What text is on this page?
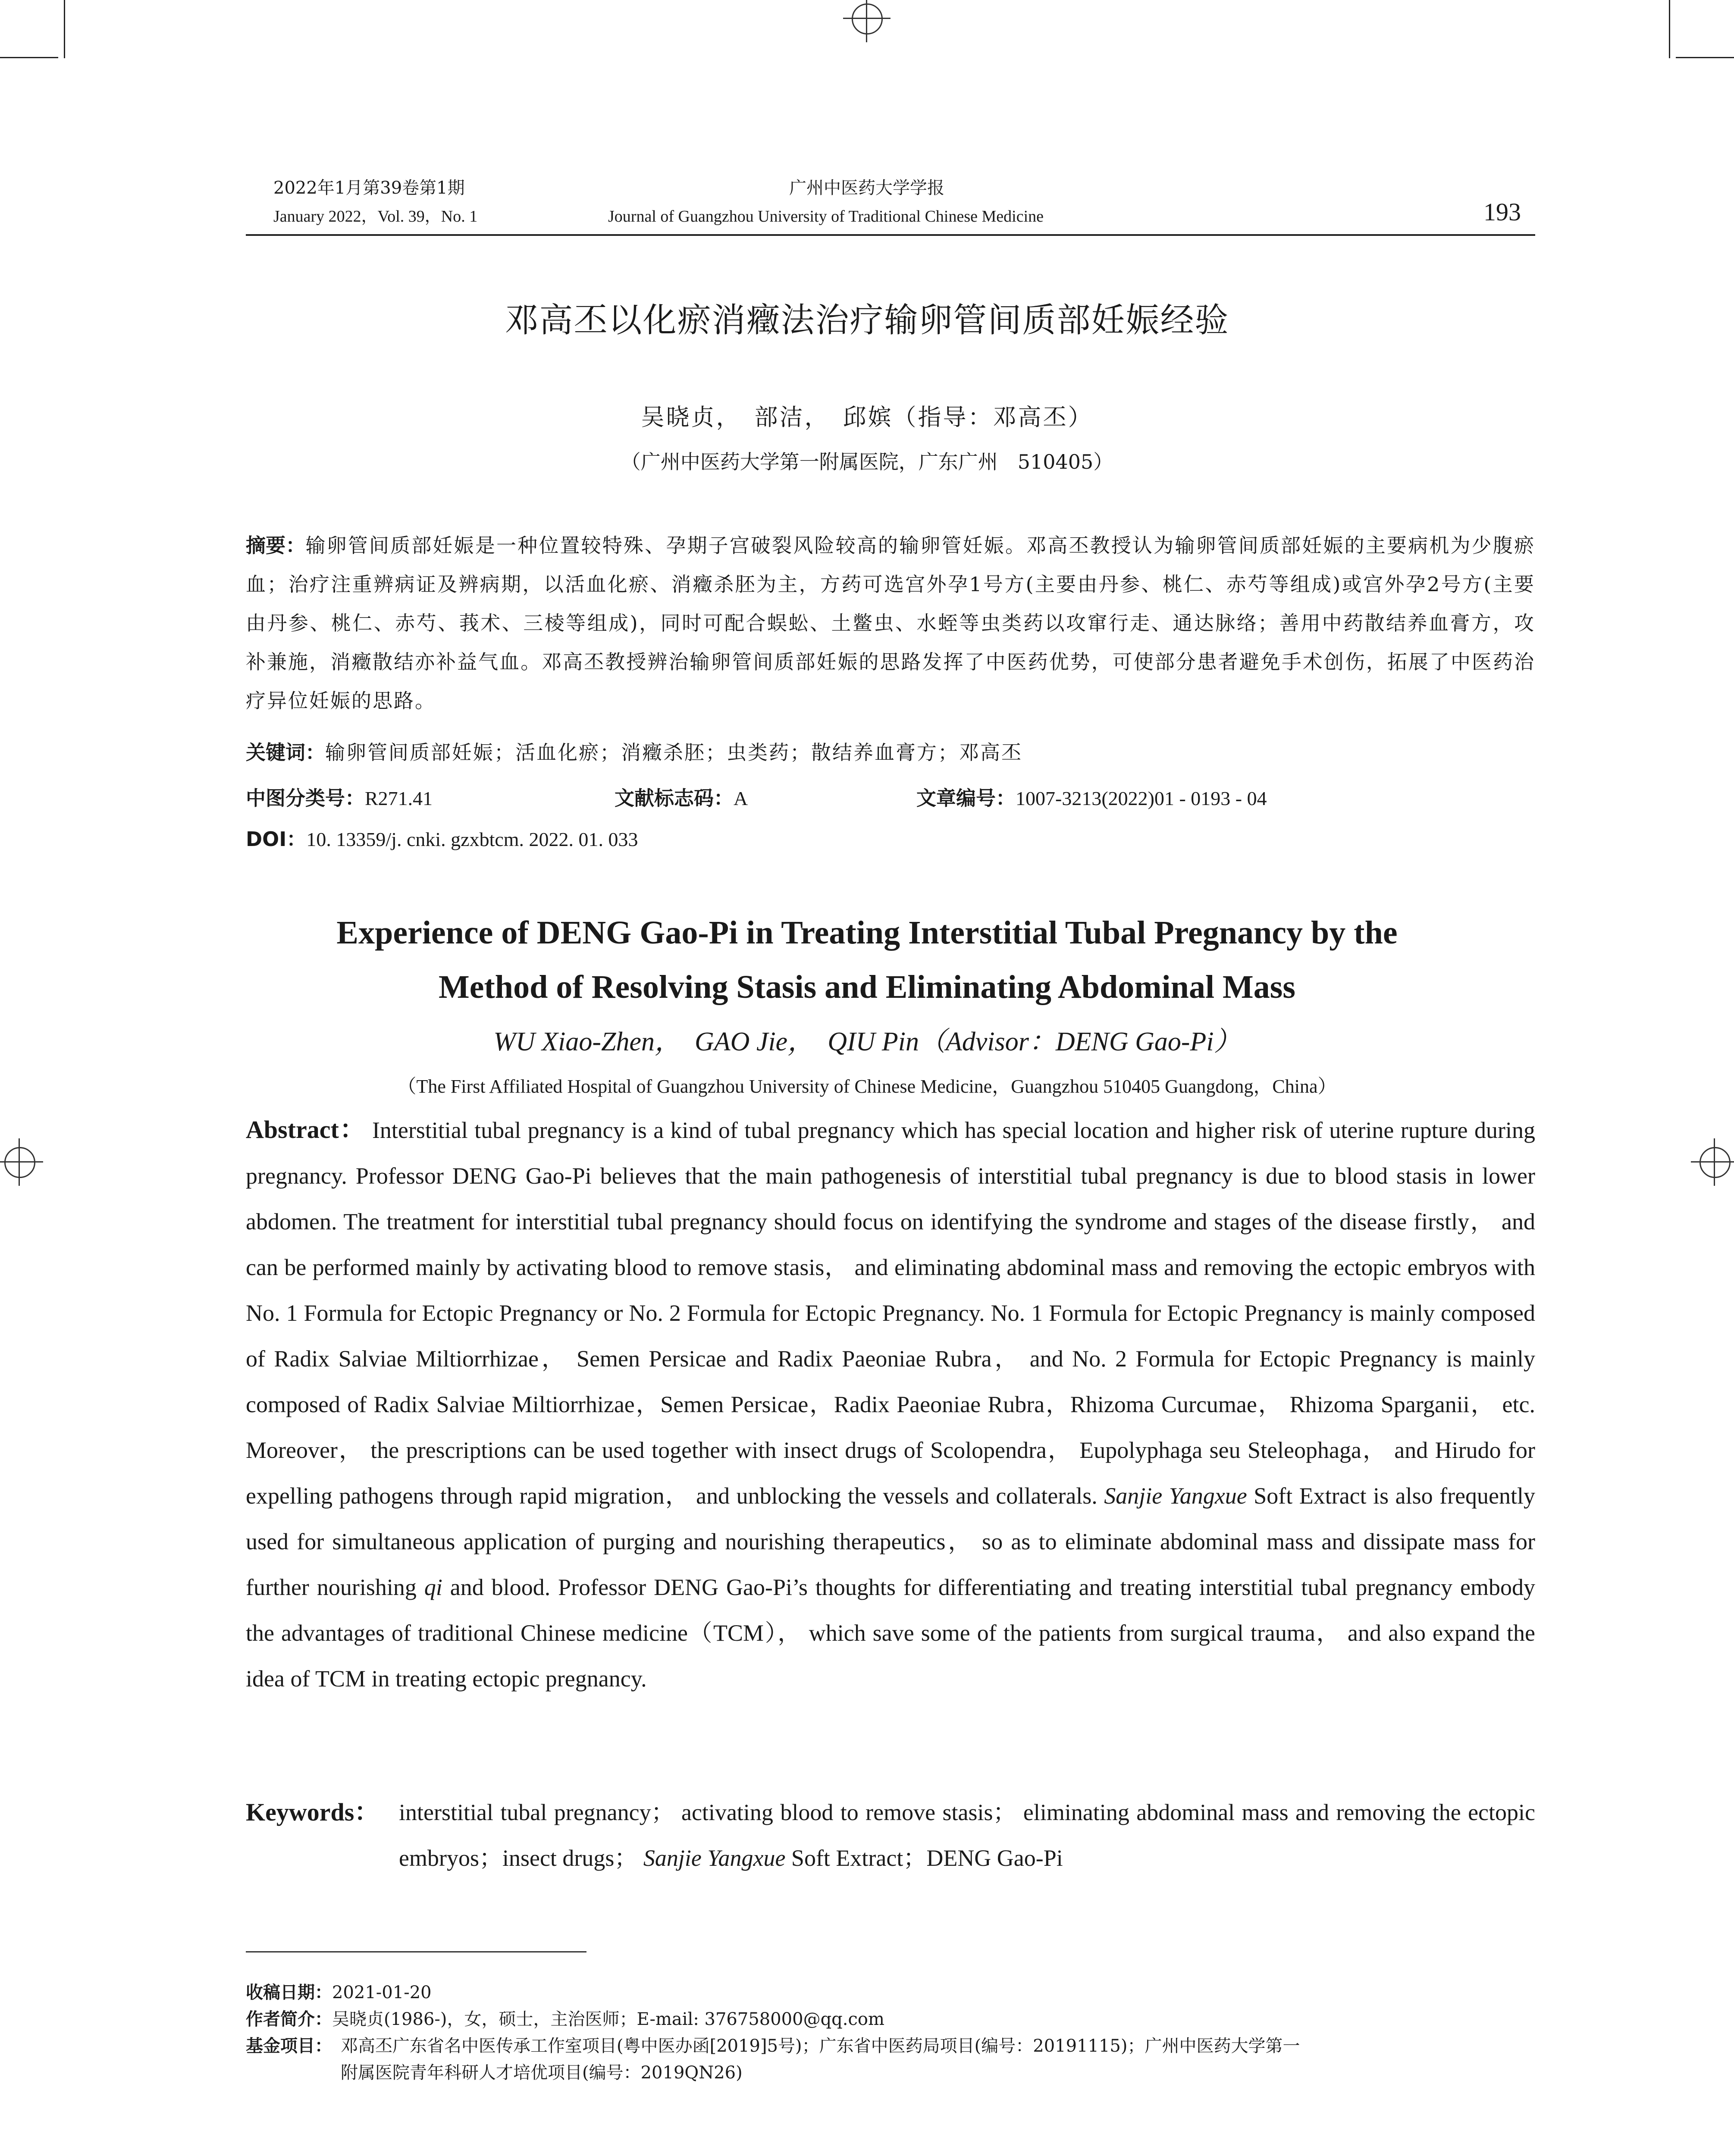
2022年1月第39卷第1期
January 2022，Vol. 39，No. 1
广州中医药大学学报
Journal of Guangzhou University of Traditional Chinese Medicine	193
邓高丕以化瘀消癥法治疗输卵管间质部妊娠经验
吴晓贞，　部洁，　邱嫔（指导：邓高丕）
（广州中医药大学第一附属医院，广东广州　510405）
摘要：输卵管间质部妊娠是一种位置较特殊、孕期子宫破裂风险较高的输卵管妊娠。邓高丕教授认为输卵管间质部妊娠的主要病机为少腹瘀血；治疗注重辨病证及辨病期，以活血化瘀、消癥杀胚为主，方药可选宫外孕1号方(主要由丹参、桃仁、赤芍等组成)或宫外孕2号方(主要由丹参、桃仁、赤芍、莪术、三棱等组成)，同时可配合蜈蚣、土鳖虫、水蛭等虫类药以攻窜行走、通达脉络；善用中药散结养血膏方，攻补兼施，消癥散结亦补益气血。邓高丕教授辨治输卵管间质部妊娠的思路发挥了中医药优势，可使部分患者避免手术创伤，拓展了中医药治疗异位妊娠的思路。
关键词：输卵管间质部妊娠；活血化瘀；消癥杀胚；虫类药；散结养血膏方；邓高丕
中图分类号：R271.41	文献标志码：A	文章编号：1007-3213(2022)01 - 0193 - 04
DOI：10. 13359/j. cnki. gzxbtcm. 2022. 01. 033
Experience of DENG Gao-Pi in Treating Interstitial Tubal Pregnancy by the
Method of Resolving Stasis and Eliminating Abdominal Mass
WU Xiao-Zhen，　GAO Jie，　QIU Pin（Advisor：DENG Gao-Pi）
（The First Affiliated Hospital of Guangzhou University of Chinese Medicine，Guangzhou 510405 Guangdong，China）
Abstract： Interstitial tubal pregnancy is a kind of tubal pregnancy which has special location and higher risk of uterine rupture during pregnancy. Professor DENG Gao-Pi believes that the main pathogenesis of interstitial tubal pregnancy is due to blood stasis in lower abdomen. The treatment for interstitial tubal pregnancy should focus on identifying the syndrome and stages of the disease firstly， and can be performed mainly by activating blood to remove stasis， and eliminating abdominal mass and removing the ectopic embryos with No. 1 Formula for Ectopic Pregnancy or No. 2 Formula for Ectopic Pregnancy. No. 1 Formula for Ectopic Pregnancy is mainly composed of Radix Salviae Miltiorrhizae， Semen Persicae and Radix Paeoniae Rubra， and No. 2 Formula for Ectopic Pregnancy is mainly composed of Radix Salviae Miltiorrhizae，Semen Persicae，Radix Paeoniae Rubra，Rhizoma Curcumae， Rhizoma Sparganii， etc. Moreover， the prescriptions can be used together with insect drugs of Scolopendra， Eupolyphaga seu Steleophaga， and Hirudo for expelling pathogens through rapid migration， and unblocking the vessels and collaterals. Sanjie Yangxue Soft Extract is also frequently used for simultaneous application of purging and nourishing therapeutics， so as to eliminate abdominal mass and dissipate mass for further nourishing qi and blood. Professor DENG Gao-Pi’s thoughts for differentiating and treating interstitial tubal pregnancy embody the advantages of traditional Chinese medicine（TCM）， which save some of the patients from surgical trauma， and also expand the idea of TCM in treating ectopic pregnancy.
Keywords： interstitial tubal pregnancy； activating blood to remove stasis； eliminating abdominal mass and removing the ectopic embryos；insect drugs； Sanjie Yangxue Soft Extract；DENG Gao-Pi
收稿日期：2021-01-20
作者简介：吴晓贞(1986-)，女，硕士，主治医师；E-mail: 376758000@qq.com
基金项目： 邓高丕广东省名中医传承工作室项目(粤中医办函[2019]5号)；广东省中医药局项目(编号：20191115)；广州中医药大学第一
附属医院青年科研人才培优项目(编号：2019QN26)
